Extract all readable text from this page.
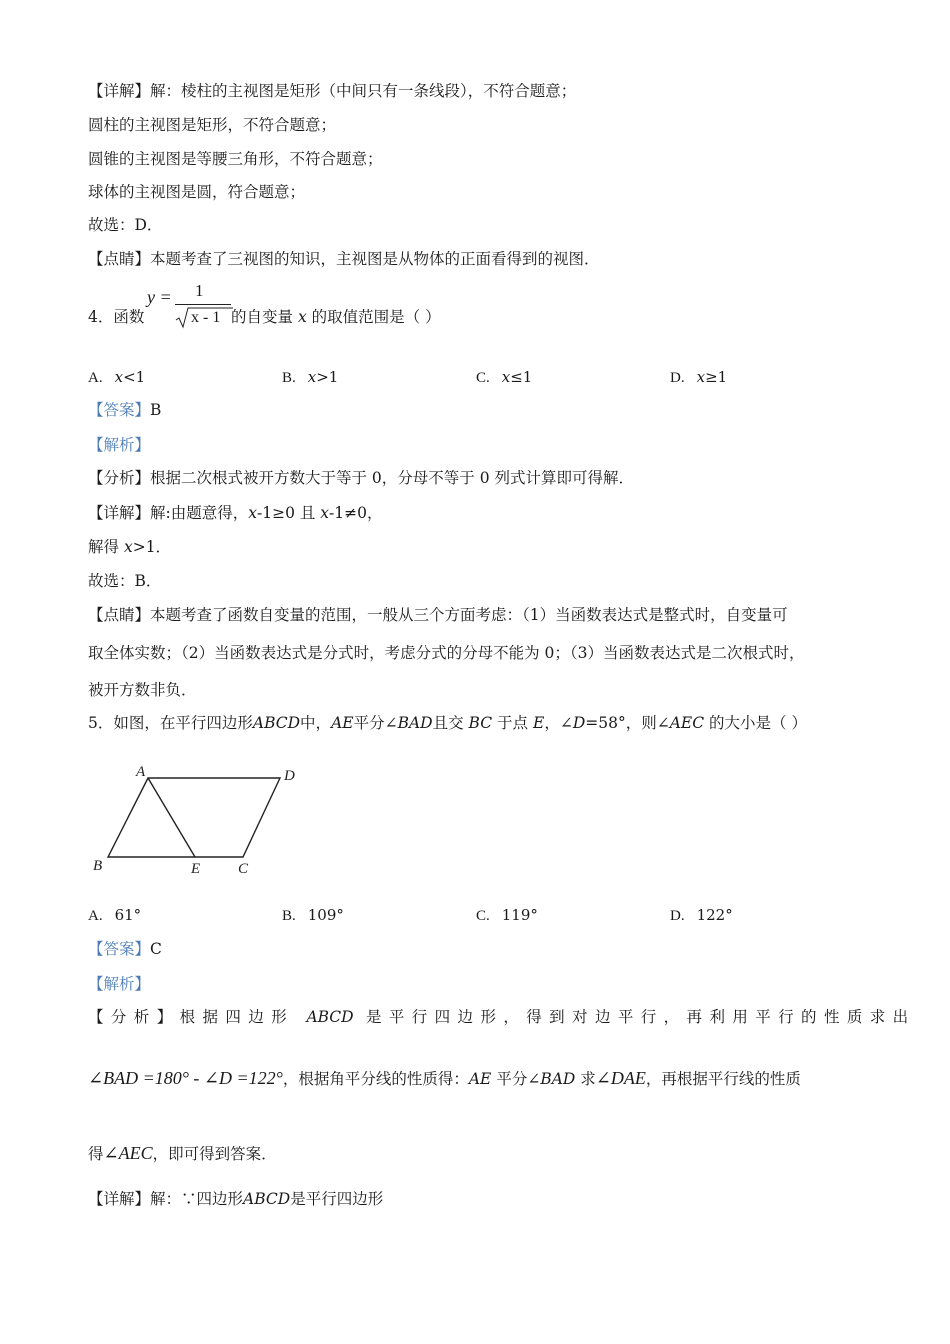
【详解】解：棱柱的主视图是矩形（中间只有一条线段），不符合题意；
圆柱的主视图是矩形，不符合题意；
圆锥的主视图是等腰三角形，不符合题意；
球体的主视图是圆，符合题意；
故选：D．
【点睛】本题考查了三视图的知识，主视图是从物体的正面看得到的视图．
4．函数
y = 1
x - 1 的自变量 x 的取值范围是（ ）
A. x<1	B. x>1	C. x≤1	D. x≥1
【答案】B
【解析】
【分析】根据二次根式被开方数大于等于 0，分母不等于 0 列式计算即可得解．
【详解】解:由题意得，x-1≥0 且 x-1≠0，
解得 x>1．
故选：B．
【点睛】本题考查了函数自变量的范围，一般从三个方面考虑：（1）当函数表达式是整式时，自变量可
取全体实数；（2）当函数表达式是分式时，考虑分式的分母不能为 0；（3）当函数表达式是二次根式时，
被开方数非负．
5．如图，在平行四边形ABCD中，AE平分∠BAD且交 BC 于点 E，∠D=58°，则∠AEC 的大小是（ ）
A	D
B	E	C
A. 61°	B. 109°	C. 119°	D. 122°
【答案】C
【解析】
【分析】根据四边形 ABCD 是平行四边形，得到对边平行，再利用平行的性质求出
∠BAD =180° - ∠D =122°，根据角平分线的性质得：AE 平分∠BAD 求∠DAE，再根据平行线的性质
得∠AEC，即可得到答案．
【详解】解：∵四边形ABCD是平行四边形
